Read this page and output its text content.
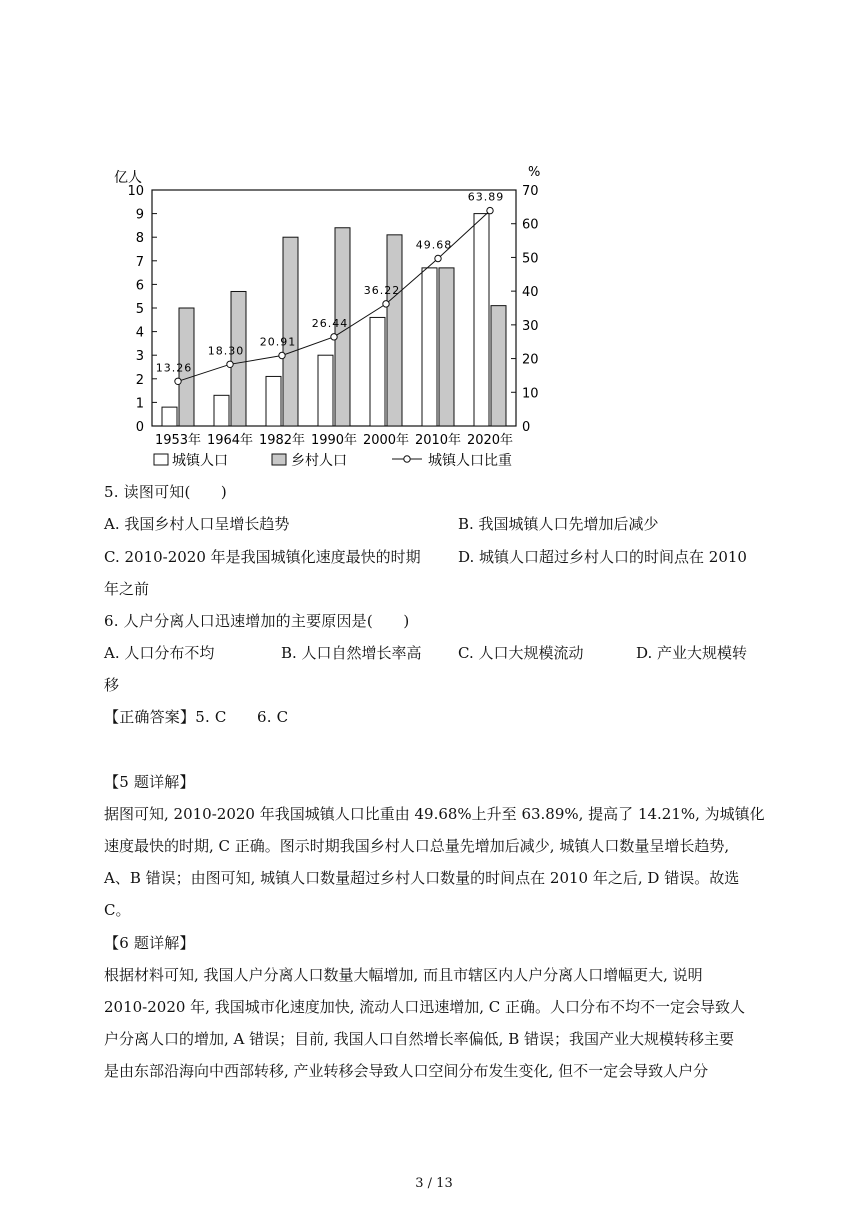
亿人	%
0
1
2
3
4
5
6
7
8
9
10
0
10
20
30
40
50
60
70
13.26
18.30
20.91
26.44
36.22
49.68
63.89
1953年 1964年 1982年 1990年 2000年 2010年 2020年
城镇人口	乡村人口	城镇人口比重
5. 读图可知(　　)
A. 我国乡村人口呈增长趋势	B. 我国城镇人口先增加后减少
C. 2010-2020 年是我国城镇化速度最快的时期 D. 城镇人口超过乡村人口的时间点在 2010
年之前
6. 人户分离人口迅速增加的主要原因是(　　)
A. 人口分布不均	B. 人口自然增长率高 C. 人口大规模流动	D. 产业大规模转
移
【正确答案】5. C　　6. C
【5 题详解】
据图可知, 2010-2020 年我国城镇人口比重由 49.68%上升至 63.89%, 提高了 14.21%, 为城镇化
速度最快的时期, C 正确。图示时期我国乡村人口总量先增加后减少, 城镇人口数量呈增长趋势,
A、B 错误；由图可知, 城镇人口数量超过乡村人口数量的时间点在 2010 年之后, D 错误。故选
C。
【6 题详解】
根据材料可知, 我国人户分离人口数量大幅增加, 而且市辖区内人户分离人口增幅更大, 说明
2010-2020 年, 我国城市化速度加快, 流动人口迅速增加, C 正确。人口分布不均不一定会导致人
户分离人口的增加, A 错误；目前, 我国人口自然增长率偏低, B 错误；我国产业大规模转移主要
是由东部沿海向中西部转移, 产业转移会导致人口空间分布发生变化, 但不一定会导致人户分
3 / 13
